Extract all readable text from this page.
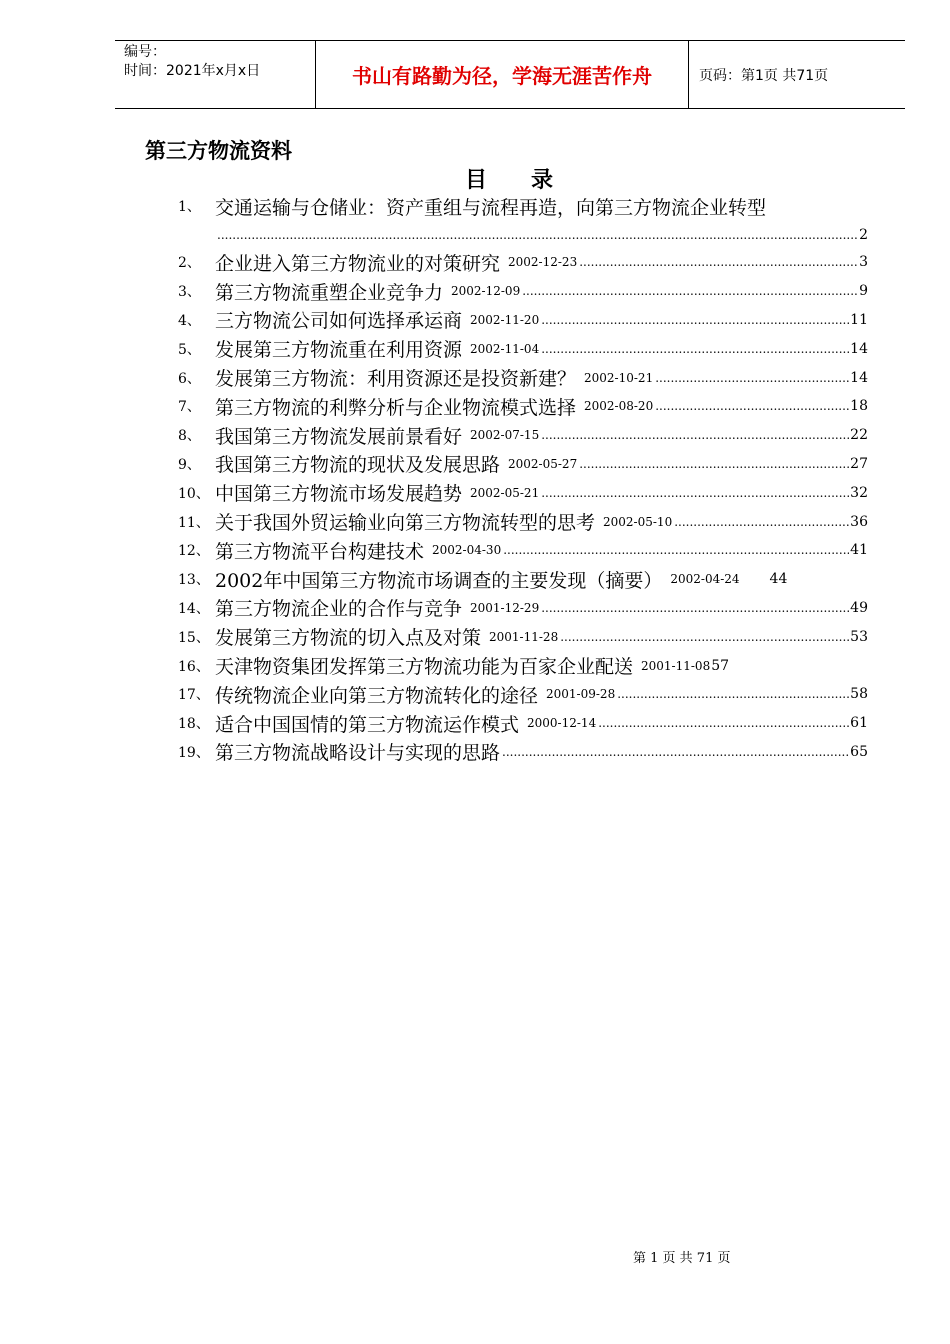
编号：
时间：2021年x月x日	书山有路勤为径，学海无涯苦作舟	页码：第1页 共71页
第三方物流资料
目录
1、 交通运输与仓储业：资产重组与流程再造，向第三方物流企业转型
.....
2
2、 企业进入第三方物流业的对策研究 2002-12-23 .....	3
3、 第三方物流重塑企业竞争力 2002-12-09 .....	9
4、 三方物流公司如何选择承运商 2002-11-20 .....	11
5、 发展第三方物流重在利用资源 2002-11-04 .....	14
6、 发展第三方物流：利用资源还是投资新建？ 2002-10-21 .....	14
7、 第三方物流的利弊分析与企业物流模式选择 2002-08-20 .....	18
8、 我国第三方物流发展前景看好 2002-07-15 .....	22
9、 我国第三方物流的现状及发展思路 2002-05-27 .....	27
10、 中国第三方物流市场发展趋势 2002-05-21 .....	32
11、 关于我国外贸运输业向第三方物流转型的思考 2002-05-10 .....	36
12、 第三方物流平台构建技术 2002-04-30 .....	41
13、 2002年中国第三方物流市场调查的主要发现（摘要） 2002-04-24 44
14、 第三方物流企业的合作与竞争 2001-12-29 .....	49
15、 发展第三方物流的切入点及对策 2001-11-28 .....	53
16、 天津物资集团发挥第三方物流功能为百家企业配送 2001-11-08 57
17、 传统物流企业向第三方物流转化的途径 2001-09-28 .....	58
18、 适合中国国情的第三方物流运作模式 2000-12-14 .....	61
19、 第三方物流战略设计与实现的思路 .....	65
第 1 页 共 71 页
